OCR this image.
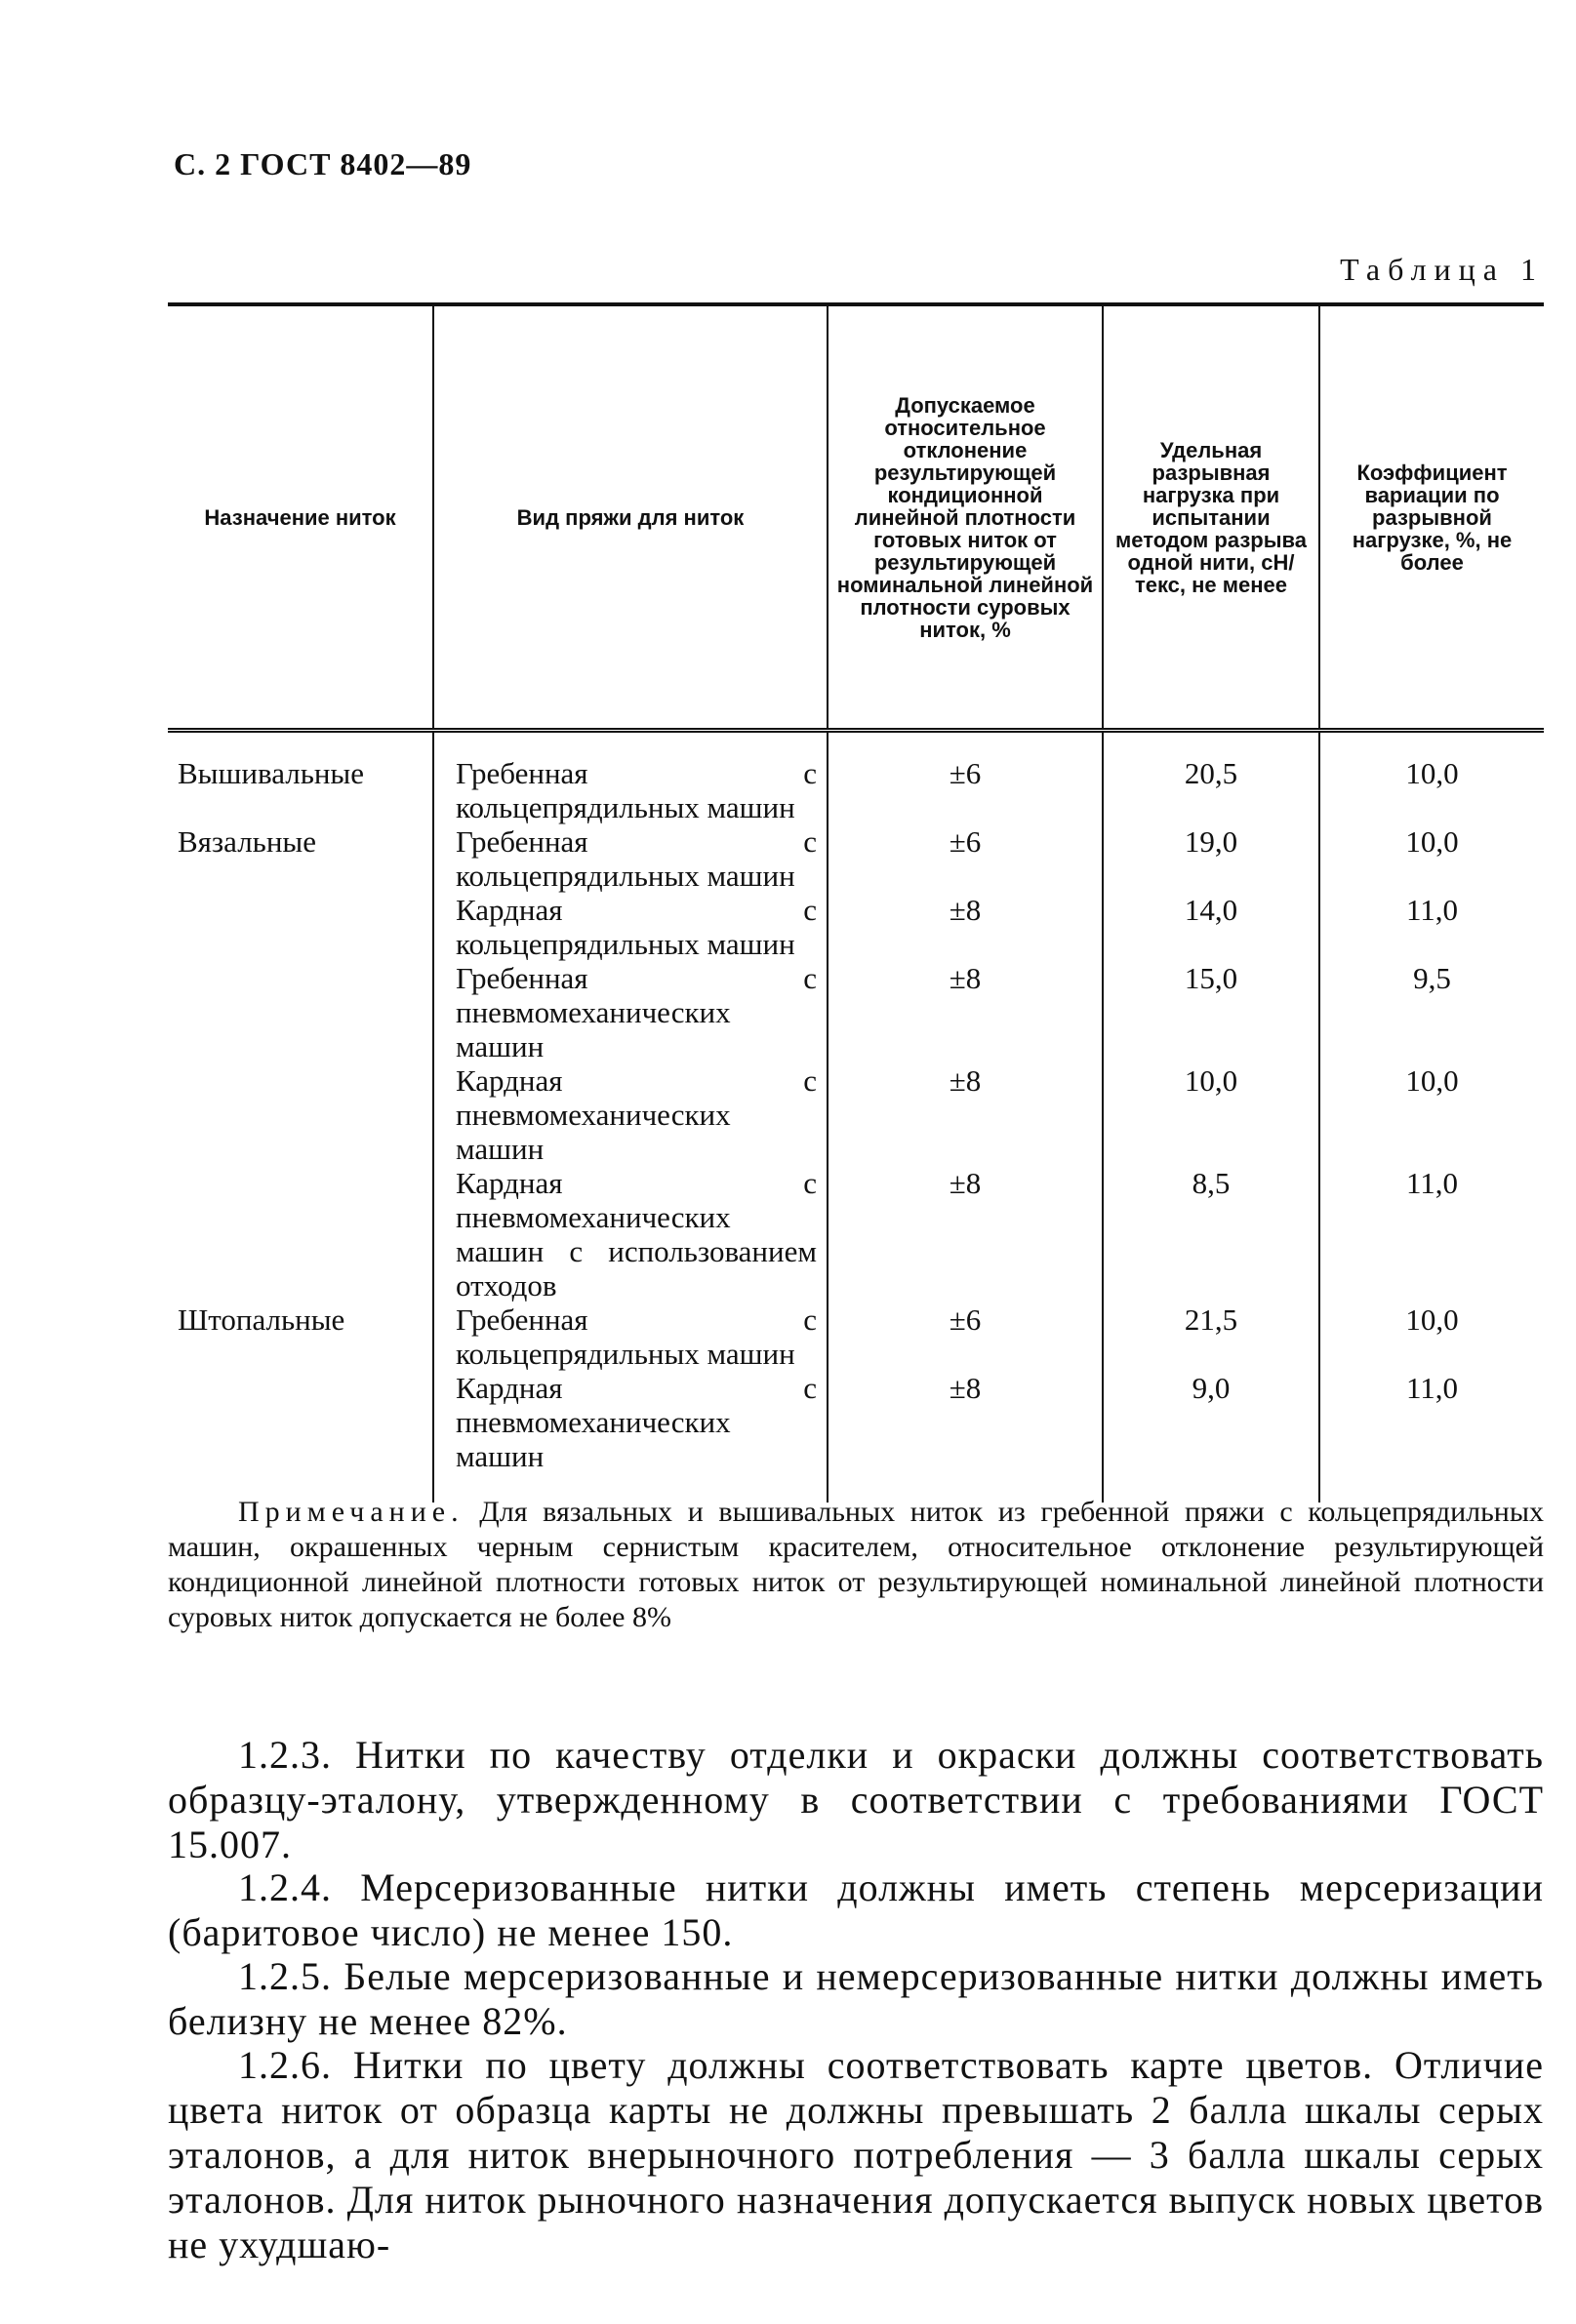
С. 2 ГОСТ 8402—89
Таблица 1
Назначение ниток	Вид пряжи для ниток	Допускаемое относительное отклонение результирующей кондиционной линейной плотности готовых ниток от результирующей номинальной линейной плотности суровых ниток, %	Удельная разрывная нагрузка при испытании методом разрыва одной нити, сН/текс, не менее	Коэффициент вариации по разрывной нагрузке, %, не более
Вышивальные	Гребенная с кольцепрядильных машин	±6	20,5	10,0
Вязальные	Гребенная с кольцепрядильных машин	±6	19,0	10,0
	Кардная с кольцепрядильных машин	±8	14,0	11,0
	Гребенная с пневмомеханических машин	±8	15,0	9,5
	Кардная с пневмомеханических машин	±8	10,0	10,0
	Кардная с пневмомеханических машин с использованием отходов	±8	8,5	11,0
Штопальные	Гребенная с кольцепрядильных машин	±6	21,5	10,0
	Кардная с пневмомеханических машин	±8	9,0	11,0
Примечание. Для вязальных и вышивальных ниток из гребенной пряжи с кольцепрядильных машин, окрашенных черным сернистым красителем, относительное отклонение результирующей кондиционной линейной плотности готовых ниток от результирующей номинальной линейной плотности суровых ниток допускается не более 8%
1.2.3. Нитки по качеству отделки и окраски должны соответствовать образцу-эталону, утвержденному в соответствии с требованиями ГОСТ 15.007.
1.2.4. Мерсеризованные нитки должны иметь степень мерсеризации (баритовое число) не менее 150.
1.2.5. Белые мерсеризованные и немерсеризованные нитки должны иметь белизну не менее 82%.
1.2.6. Нитки по цвету должны соответствовать карте цветов. Отличие цвета ниток от образца карты не должны превышать 2 балла шкалы серых эталонов, а для ниток внерыночного потребления — 3 балла шкалы серых эталонов. Для ниток рыночного назначения допускается выпуск новых цветов не ухудшаю-
